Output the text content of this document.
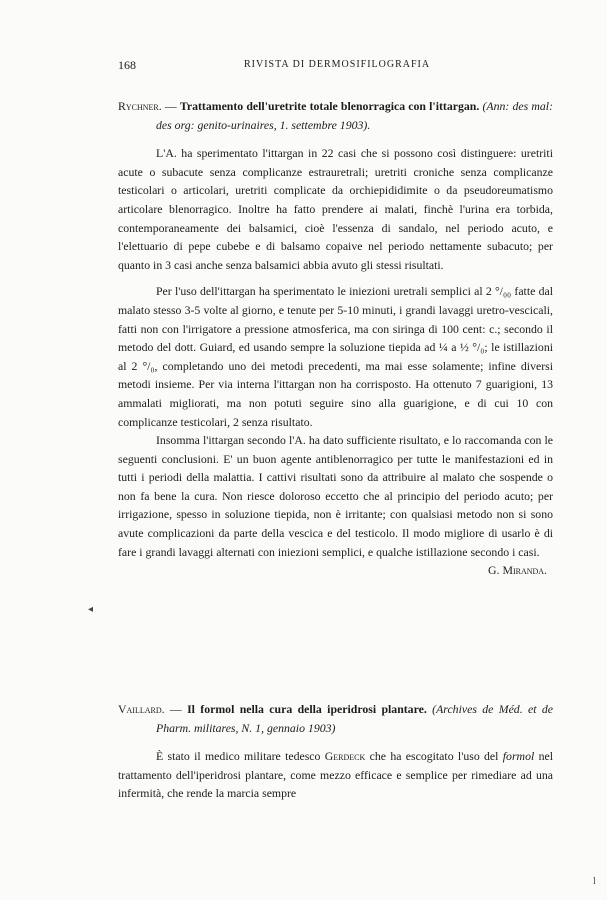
168	RIVISTA DI DERMOSIFILOGRAFIA

Rychner. — Trattamento dell'uretrite totale blenorragica con l'ittargan. (Ann: des mal: des org: genito-urinaires, 1. settembre 1903).

L'A. ha sperimentato l'ittargan in 22 casi che si possono così distinguere: uretriti acute o subacute senza complicanze estrauretrali; uretriti croniche senza complicanze testicolari o articolari, uretriti complicate da orchiepididimite o da pseudoreumatismo articolare blenorragico. Inoltre ha fatto prendere ai malati, finchè l'urina era torbida, contemporaneamente dei balsamici, cioè l'essenza di sandalo, nel periodo acuto, e l'elettuario di pepe cubebe e di balsamo copaive nel periodo nettamente subacuto; per quanto in 3 casi anche senza balsamici abbia avuto gli stessi risultati.

Per l'uso dell'ittargan ha sperimentato le iniezioni uretrali semplici al 2 °/₀₀ fatte dal malato stesso 3-5 volte al giorno, e tenute per 5-10 minuti, i grandi lavaggi uretro-vescicali, fatti non con l'irrigatore a pressione atmosferica, ma con siringa di 100 cent: c.; secondo il metodo del dott. Guiard, ed usando sempre la soluzione tiepida ad ¼ a ½ °/₀; le istillazioni al 2 °/₀, completando uno dei metodi precedenti, ma mai esse solamente; infine diversi metodi insieme. Per via interna l'ittargan non ha corrisposto. Ha ottenuto 7 guarigioni, 13 ammalati migliorati, ma non potuti seguire sino alla guarigione, e di cui 10 con complicanze testicolari, 2 senza risultato.

Insomma l'ittargan secondo l'A. ha dato sufficiente risultato, e lo raccomanda con le seguenti conclusioni. E' un buon agente antiblenorragico per tutte le manifestazioni ed in tutti i periodi della malattia. I cattivi risultati sono da attribuire al malato che sospende o non fa bene la cura. Non riesce doloroso eccetto che al principio del periodo acuto; per irrigazione, spesso in soluzione tiepida, non è irritante; con qualsiasi metodo non si sono avute complicazioni da parte della vescica e del testicolo. Il modo migliore di usarlo è di fare i grandi lavaggi alternati con iniezioni semplici, e qualche istillazione secondo i casi.

G. Miranda.

Vaillard. — Il formol nella cura della iperidrosi plantare. (Archives de Méd. et de Pharm. militares, N. 1, gennaio 1903)

È stato il medico militare tedesco Gerdeck che ha escogitato l'uso del formol nel trattamento dell'iperidrosi plantare, come mezzo efficace e semplice per rimediare ad una infermità, che rende la marcia sempre

◂
l
